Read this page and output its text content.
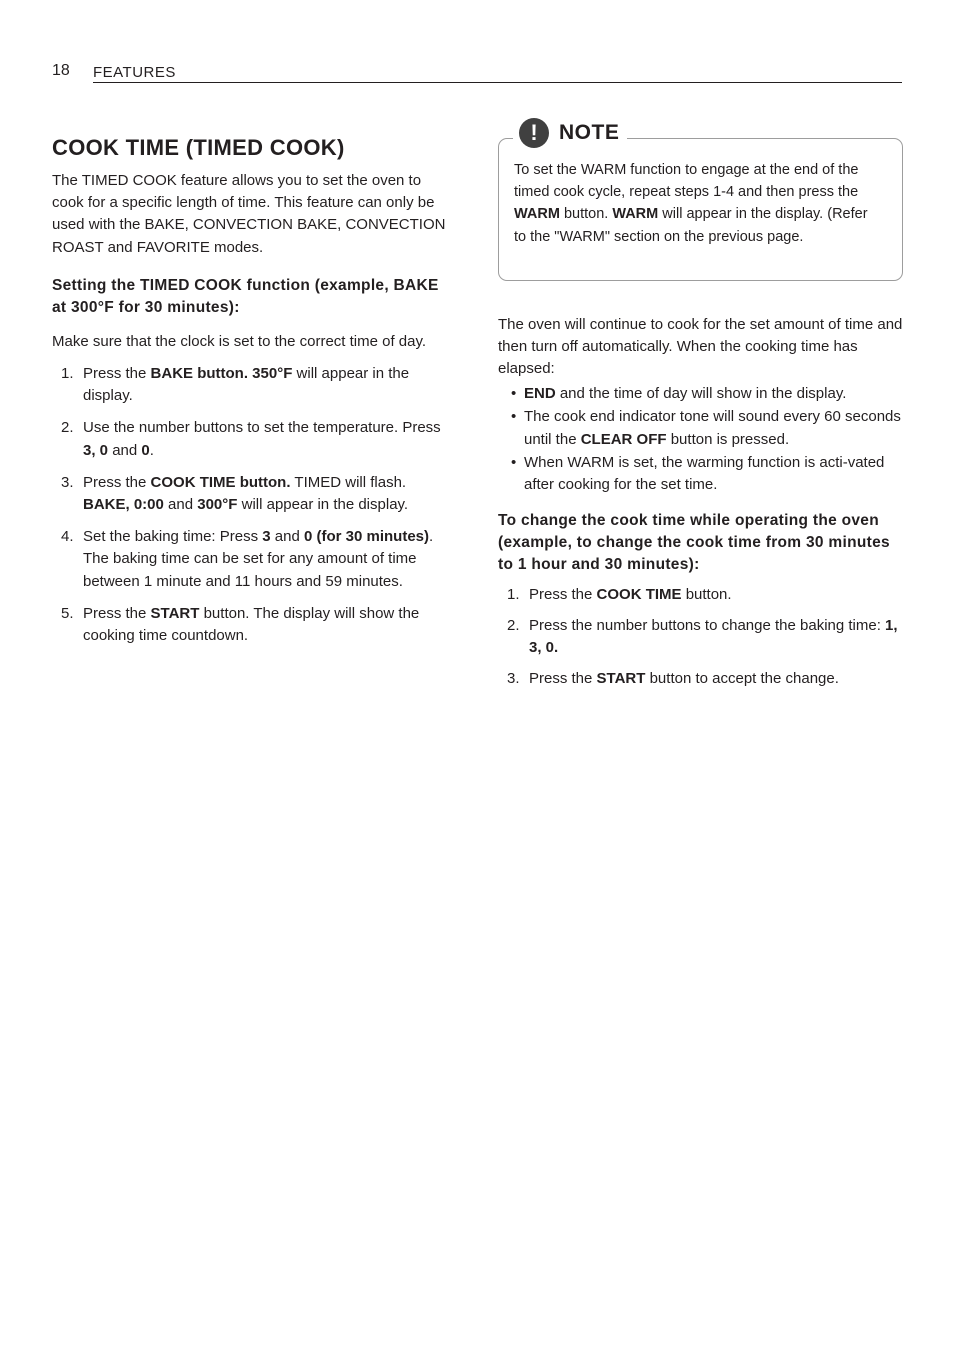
18 FEATURES
COOK TIME (TIMED COOK)

The TIMED COOK feature allows you to set the oven to cook for a specific length of time. This feature can only be used with the BAKE, CONVECTION BAKE, CONVECTION ROAST and FAVORITE modes.

Setting the TIMED COOK function (example, BAKE at 300°F for 30 minutes):

Make sure that the clock is set to the correct time of day.

1. Press the BAKE button. 350°F will appear in the display.
2. Use the number buttons to set the temperature. Press 3, 0 and 0.
3. Press the COOK TIME button. TIMED will flash. BAKE, 0:00 and 300°F will appear in the display.
4. Set the baking time: Press 3 and 0 (for 30 minutes). The baking time can be set for any amount of time between 1 minute and 11 hours and 59 minutes.
5. Press the START button. The display will show the cooking time countdown.
!	NOTE

To set the WARM function to engage at the end of the timed cook cycle, repeat steps 1-4 and then press the WARM button. WARM will appear in the display. (Refer to the "WARM" section on the previous page.

The oven will continue to cook for the set amount of time and then turn off automatically. When the cooking time has elapsed:

• END and the time of day will show in the display.
• The cook end indicator tone will sound every 60 seconds until the CLEAR OFF button is pressed.
• When WARM is set, the warming function is acti-vated after cooking for the set time.
To change the cook time while operating the oven (example, to change the cook time from 30 minutes to 1 hour and 30 minutes):
1. Press the COOK TIME button.
2. Press the number buttons to change the baking time: 1, 3, 0.
3. Press the START button to accept the change.
